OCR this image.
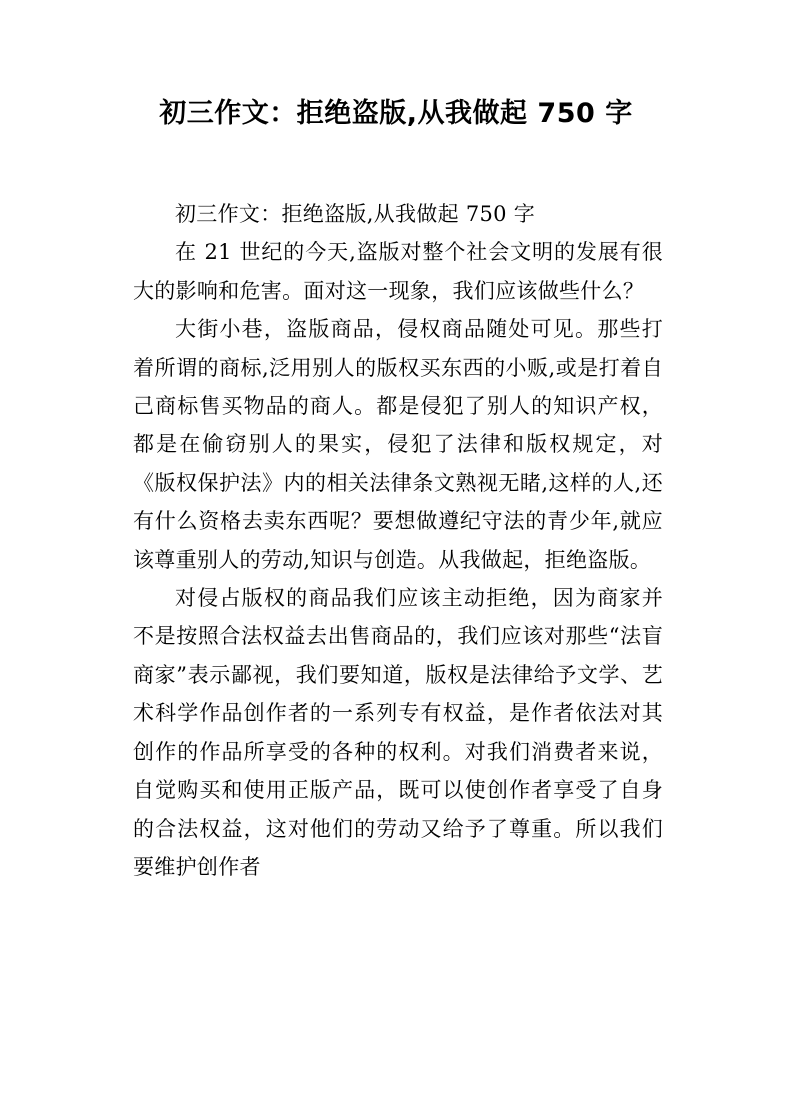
初三作文：拒绝盗版,从我做起 750 字

初三作文：拒绝盗版,从我做起 750 字

在 21 世纪的今天,盗版对整个社会文明的发展有很大的影响和危害。面对这一现象，我们应该做些什么？

大街小巷，盗版商品，侵权商品随处可见。那些打着所谓的商标,泛用别人的版权买东西的小贩,或是打着自己商标售买物品的商人。都是侵犯了别人的知识产权，都是在偷窃别人的果实，侵犯了法律和版权规定，对《版权保护法》内的相关法律条文熟视无睹,这样的人,还有什么资格去卖东西呢？要想做遵纪守法的青少年,就应该尊重别人的劳动,知识与创造。从我做起，拒绝盗版。

对侵占版权的商品我们应该主动拒绝，因为商家并不是按照合法权益去出售商品的，我们应该对那些“法盲商家”表示鄙视，我们要知道，版权是法律给予文学、艺术科学作品创作者的一系列专有权益，是作者依法对其创作的作品所享受的各种的权利。对我们消费者来说，自觉购买和使用正版产品，既可以使创作者享受了自身的合法权益，这对他们的劳动又给予了尊重。所以我们要维护创作者
